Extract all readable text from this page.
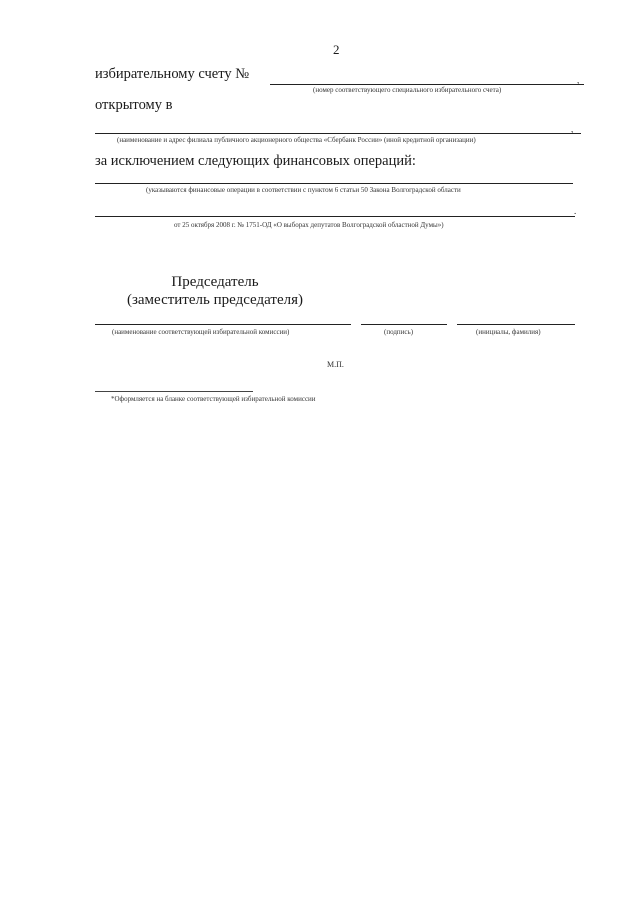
2
избирательному счету №
(номер соответствующего специального избирательного счета)
,
открытому в
(наименование и адрес филиала публичного акционерного общества «Сбербанк России» (иной кредитной организации)
,
за исключением следующих финансовых операций:
(указываются финансовые операции в соответствии с пунктом 6 статьи 50 Закона Волгоградской области
.
от 25 октября 2008 г. № 1751-ОД «О выборах депутатов Волгоградской областной Думы»)
Председатель
(заместитель председателя)
(наименование соответствующей избирательной комиссии)	(подпись)	(инициалы, фамилия)
М.П.
*Оформляется на бланке соответствующей избирательной комиссии
